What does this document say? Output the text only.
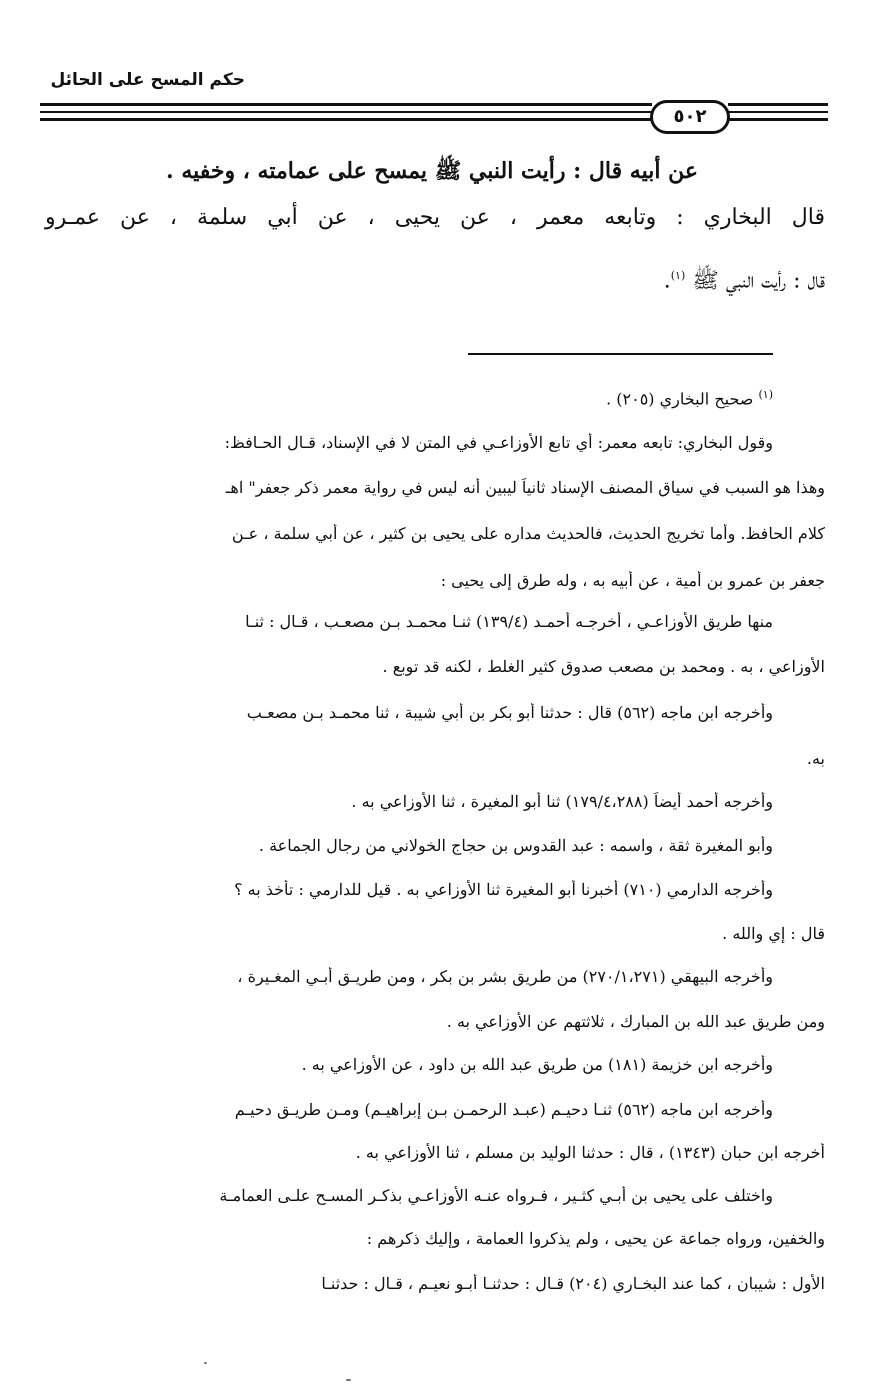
حكم المسح على الحائل
٥٠٢
عن أبيه قال : رأيت النبي ﷺ يمسح على عمامته ، وخفيه .
قال البخاري : وتابعه معمر ، عن يحيى ، عن أبي سلمة ، عن عمـرو
قال : رأيت النبي ﷺ $^{(١)}$.
$^{(١)}$ صحيح البخاري (٢٠٥) .
وقول البخاري: تابعه معمر: أي تابع الأوزاعـي في المتن لا في الإسناد، قـال الحـافظ:
وهذا هو السبب في سياق المصنف الإسناد ثانياً ليبين أنه ليس في رواية معمر ذكر جعفر" اهـ
كلام الحافظ. وأما تخريج الحديث، فالحديث مداره على يحيى بن كثير ، عن أبي سلمة ، عـن
جعفر بن عمرو بن أمية ، عن أبيه به ، وله طرق إلى يحيى :
منها طريق الأوزاعـي ، أخرجـه أحمـد (١٣٩/٤) ثنـا محمـد بـن مصعـب ، قـال : ثنـا
الأوزاعي ، به . ومحمد بن مصعب صدوق كثير الغلط ، لكنه قد توبع .
وأخرجه ابن ماجه (٥٦٢) قال : حدثنا أبو بكر بن أبي شيبة ، ثنا محمـد بـن مصعـب
به.
وأخرجه أحمد أيضاً (١٧٩/٤،٢٨٨) ثنا أبو المغيرة ، ثنا الأوزاعي به .
وأبو المغيرة ثقة ، واسمه : عبد القدوس بن حجاج الخولاني من رجال الجماعة .
وأخرجه الدارمي (٧١٠) أخبرنا أبو المغيرة ثنا الأوزاعي به . قيل للدارمي : تأخذ به ؟
قال : إي والله .
وأخرجه البيهقي (٢٧٠/١،٢٧١) من طريق بشر بن بكر ، ومن طريـق أبـي المغـيرة ،
ومن طريق عبد الله بن المبارك ، ثلاثتهم عن الأوزاعي به .
وأخرجه ابن خزيمة (١٨١) من طريق عبد الله بن داود ، عن الأوزاعي به .
وأخرجه ابن ماجه (٥٦٢) ثنـا دحيـم (عبـد الرحمـن بـن إبراهيـم) ومـن طريـق دحيـم
أخرجه ابن حبان (١٣٤٣) ، قال : حدثنا الوليد بن مسلم ، ثنا الأوزاعي به .
واختلف على يحيى بن أبـي كثـير ، فـرواه عنـه الأوزاعـي بذكـر المسـح علـى العمامـة
والخفين، ورواه جماعة عن يحيى ، ولم يذكروا العمامة ، وإليك ذكرهم :
الأول : شيبان ، كما عند البخـاري (٢٠٤) قـال : حدثنـا أبـو نعيـم ، قـال : حدثنـا
